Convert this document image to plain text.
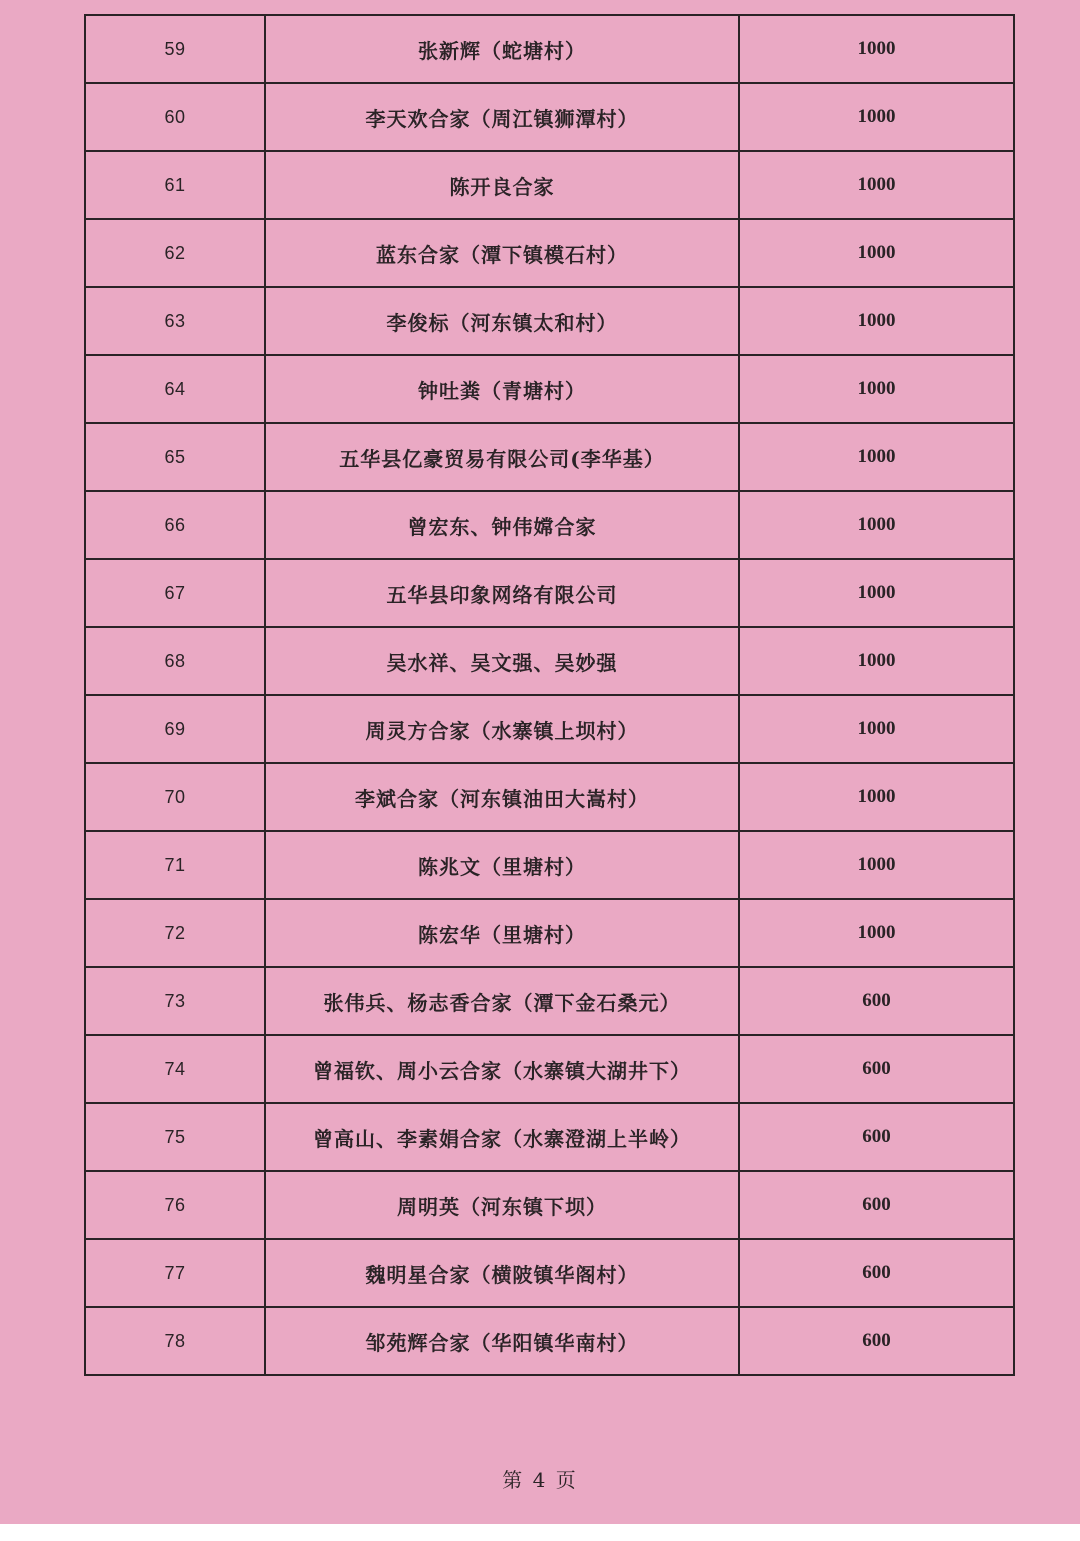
59	张新辉（蛇塘村）	1000
60	李天欢合家（周江镇狮潭村）	1000
61	陈开良合家	1000
62	蓝东合家（潭下镇模石村）	1000
63	李俊标（河东镇太和村）	1000
64	钟吐粪（青塘村）	1000
65	五华县亿豪贸易有限公司(李华基）	1000
66	曾宏东、钟伟嫦合家	1000
67	五华县印象网络有限公司	1000
68	吴水祥、吴文强、吴妙强	1000
69	周灵方合家（水寨镇上坝村）	1000
70	李斌合家（河东镇油田大嵩村）	1000
71	陈兆文（里塘村）	1000
72	陈宏华（里塘村）	1000
73	张伟兵、杨志香合家（潭下金石桑元）	600
74	曾福钦、周小云合家（水寨镇大湖井下）	600
75	曾高山、李素娟合家（水寨澄湖上半岭）	600
76	周明英（河东镇下坝）	600
77	魏明星合家（横陂镇华阁村）	600
78	邹苑辉合家（华阳镇华南村）	600
第 4 页
